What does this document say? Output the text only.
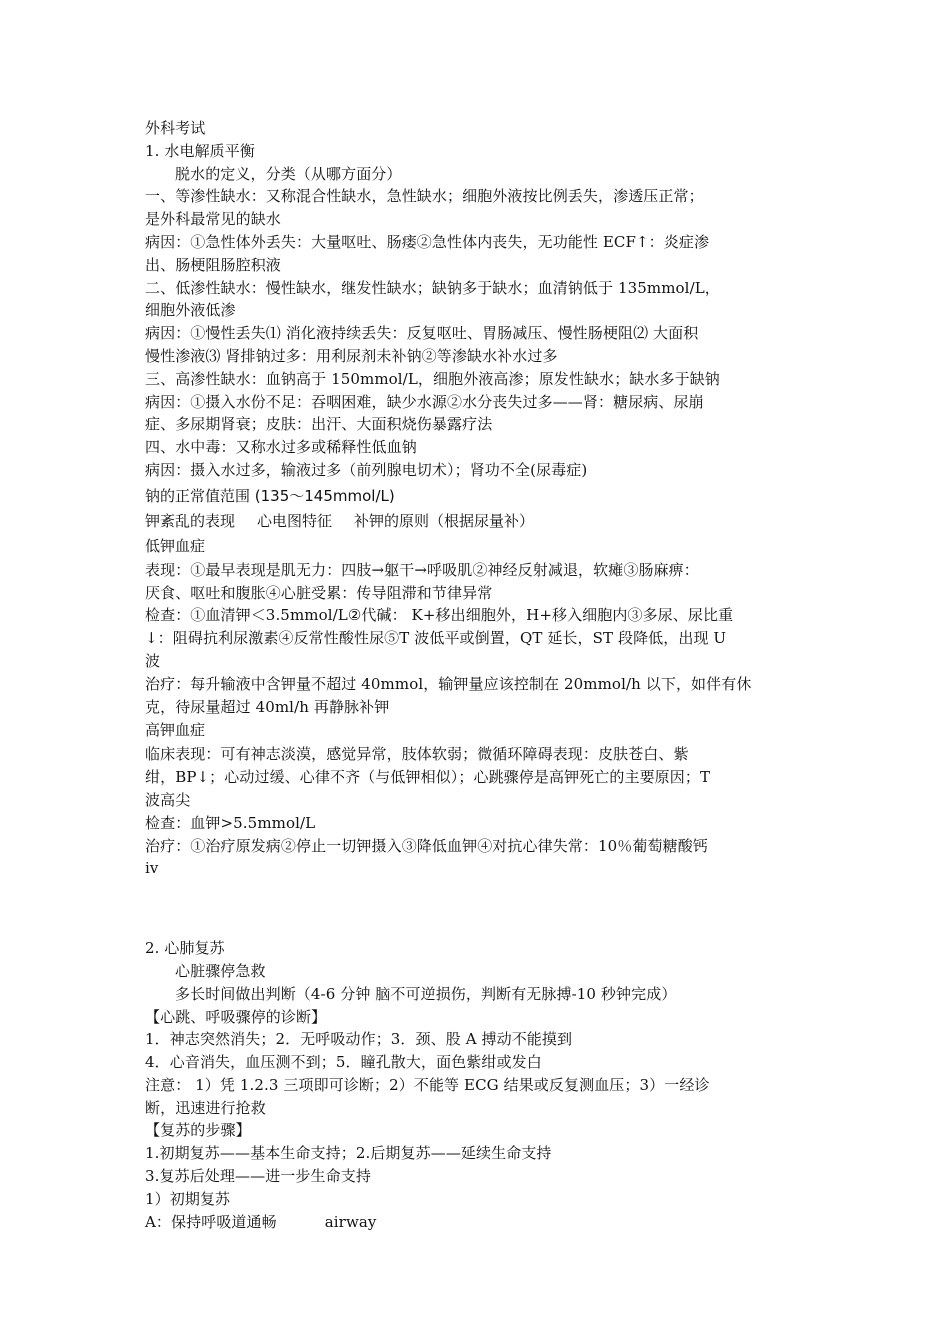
外科考试
1. 水电解质平衡
脱水的定义，分类（从哪方面分）
一、等渗性缺水：又称混合性缺水，急性缺水；细胞外液按比例丢失，渗透压正常；
是外科最常见的缺水
病因：①急性体外丢失：大量呕吐、肠瘘②急性体内丧失，无功能性 ECF↑：炎症渗
出、肠梗阻肠腔积液
二、低渗性缺水：慢性缺水，继发性缺水；缺钠多于缺水；血清钠低于 135mmol/L，
细胞外液低渗
病因：①慢性丢失⑴ 消化液持续丢失：反复呕吐、胃肠减压、慢性肠梗阻⑵ 大面积
慢性渗液⑶ 肾排钠过多：用利尿剂未补钠②等渗缺水补水过多
三、高渗性缺水：血钠高于 150mmol/L，细胞外液高渗；原发性缺水；缺水多于缺钠
病因：①摄入水份不足：吞咽困难，缺少水源②水分丧失过多——肾：糖尿病、尿崩
症、多尿期肾衰；皮肤：出汗、大面积烧伤暴露疗法
四、水中毒：又称水过多或稀释性低血钠
病因：摄入水过多，输液过多（前列腺电切术）；肾功不全(尿毒症)
钠的正常值范围 (135～145mmol/L)
钾紊乱的表现 心电图特征 补钾的原则（根据尿量补）
低钾血症
表现：①最早表现是肌无力：四肢→躯干→呼吸肌②神经反射减退，软瘫③肠麻痹：
厌食、呕吐和腹胀④心脏受累：传导阻滞和节律异常
检查：①血清钾＜3.5mmol/L②代碱： K+移出细胞外，H+移入细胞内③多尿、尿比重
↓：阻碍抗利尿激素④反常性酸性尿⑤T 波低平或倒置，QT 延长，ST 段降低，出现 U
波
治疗：每升输液中含钾量不超过 40mmol，输钾量应该控制在 20mmol/h 以下，如伴有休
克，待尿量超过 40ml/h 再静脉补钾
高钾血症
临床表现：可有神志淡漠，感觉异常，肢体软弱；微循环障碍表现：皮肤苍白、紫
绀，BP↓；心动过缓、心律不齐（与低钾相似）；心跳骤停是高钾死亡的主要原因；T
波高尖
检查：血钾>5.5mmol/L
治疗：①治疗原发病②停止一切钾摄入③降低血钾④对抗心律失常：10％葡萄糖酸钙
iv
2. 心肺复苏
心脏骤停急救
多长时间做出判断（4-6 分钟 脑不可逆损伤，判断有无脉搏-10 秒钟完成）
【心跳、呼吸骤停的诊断】
1．神志突然消失；2．无呼吸动作；3．颈、股 A 搏动不能摸到
4．心音消失，血压测不到；5．瞳孔散大，面色紫绀或发白
注意： 1）凭 1.2.3 三项即可诊断；2）不能等 ECG 结果或反复测血压；3）一经诊
断，迅速进行抢救
【复苏的步骤】
1.初期复苏——基本生命支持；2.后期复苏——延续生命支持
3.复苏后处理——进一步生命支持
1）初期复苏
A：保持呼吸道通畅	airway
